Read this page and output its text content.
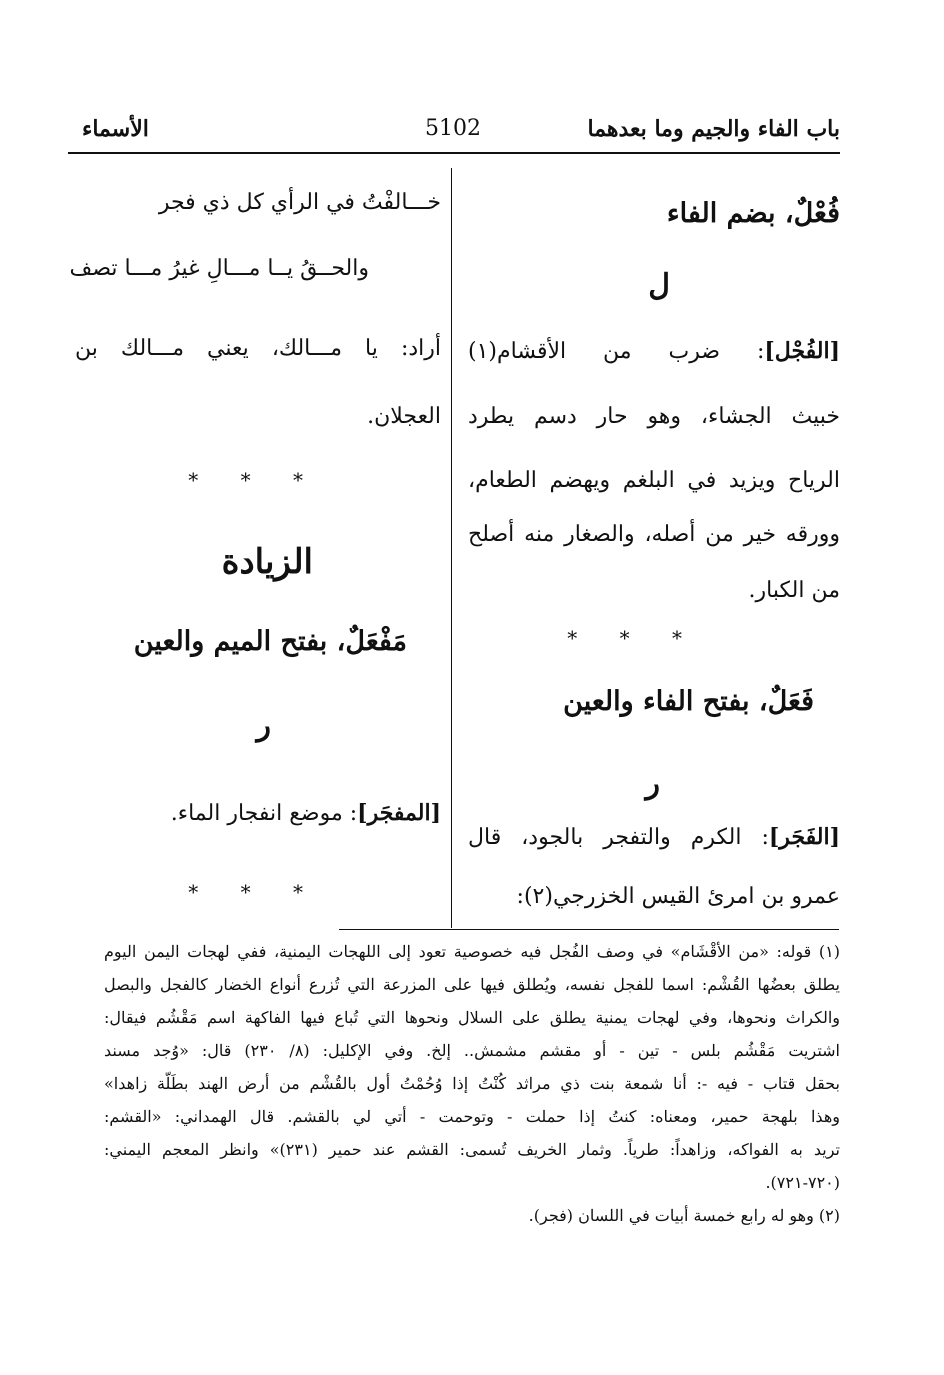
باب الفاء والجيم وما بعدهما
5102
الأسماء
فُعْلٌ، بضم الفاء
ل
[الفُجْل]: ضرب من الأقشام(١)
خبيث الجشاء، وهو حار دسم يطرد
الرياح ويزيد في البلغم ويهضم الطعام،
وورقه خير من أصله، والصغار منه أصلح
من الكبار.
* * *
فَعَلٌ، بفتح الفاء والعين
ر
[الفَجَر]: الكرم والتفجر بالجود، قال
عمرو بن امرئ القيس الخزرجي(٢):
خـــالفْتُ في الرأي كل ذي فجر
والحــقُ يــا مـــالِ غيرُ مـــا تصف
أراد: يا مـــالك، يعني مـــالك بن
العجلان.
* * *
الزيادة
مَفْعَلٌ، بفتح الميم والعين
ر
[المفجَر]: موضع انفجار الماء.
* * *
(١) قوله: «من الأقْشَام» في وصف الفُجل فيه خصوصية تعود إلى اللهجات اليمنية، ففي لهجات اليمن اليوم
يطلق بعضُها القُشْم: اسما للفجل نفسه، ويُطلق فيها على المزرعة التي تُزرع أنواع الخضار كالفجل والبصل
والكراث ونحوها، وفي لهجات يمنية يطلق على السلال ونحوها التي تُباع فيها الفاكهة اسم مَقْشُم فيقال:
اشتريت مَقْشُم بلس - تين - أو مقشم مشمش.. إلخ. وفي الإكليل: (٨/ ٢٣٠) قال: «وُجد مسند
بحقل قتاب - فيه -: أنا شمعة بنت ذي مراثد كُنْتُ إذا وُحُمْتُ أول بالقُشْم من أرض الهند بطَلّة زاهدا»
وهذا بلهجة حمير، ومعناه: كنتُ إذا حملت - وتوحمت - أتي لي بالقشم. قال الهمداني: «القشم:
تريد به الفواكه، وزاهداً: طرياً. وثمار الخريف تُسمى: القشم عند حمير (٢٣١)» وانظر المعجم اليمني:
(٧٢٠-٧٢١).
(٢) وهو له رابع خمسة أبيات في اللسان (فجر).
